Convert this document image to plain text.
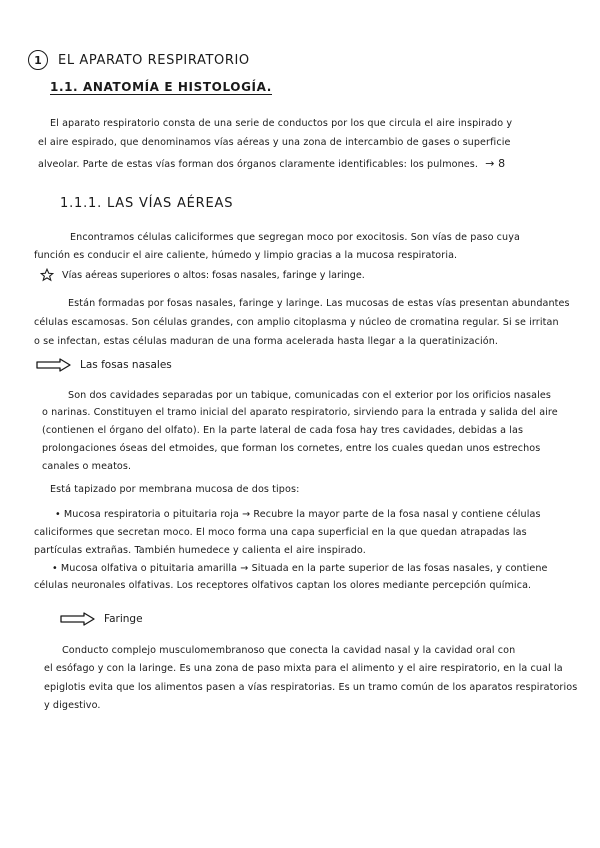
1	EL APARATO RESPIRATORIO
1.1. ANATOMÍA E HISTOLOGÍA.
El aparato respiratorio consta de una serie de conductos por los que circula el aire inspirado y
el aire espirado, que denominamos vías aéreas y una zona de intercambio de gases o superficie
alveolar. Parte de estas vías forman dos órganos claramente identificables: los pulmones. → 8
1.1.1. LAS VÍAS AÉREAS
Encontramos células caliciformes que segregan moco por exocitosis. Son vías de paso cuya
función es conducir el aire caliente, húmedo y limpio gracias a la mucosa respiratoria.
Vías aéreas superiores o altos: fosas nasales, faringe y laringe.
Están formadas por fosas nasales, faringe y laringe. Las mucosas de estas vías presentan abundantes
células escamosas. Son células grandes, con amplio citoplasma y núcleo de cromatina regular. Si se irritan
o se infectan, estas células maduran de una forma acelerada hasta llegar a la queratinización.
Las fosas nasales
Son dos cavidades separadas por un tabique, comunicadas con el exterior por los orificios nasales
o narinas. Constituyen el tramo inicial del aparato respiratorio, sirviendo para la entrada y salida del aire
(contienen el órgano del olfato). En la parte lateral de cada fosa hay tres cavidades, debidas a las
prolongaciones óseas del etmoides, que forman los cornetes, entre los cuales quedan unos estrechos
canales o meatos.
Está tapizado por membrana mucosa de dos tipos:
• Mucosa respiratoria o pituitaria roja → Recubre la mayor parte de la fosa nasal y contiene células
caliciformes que secretan moco. El moco forma una capa superficial en la que quedan atrapadas las
partículas extrañas. También humedece y calienta el aire inspirado.
• Mucosa olfativa o pituitaria amarilla → Situada en la parte superior de las fosas nasales, y contiene
células neuronales olfativas. Los receptores olfativos captan los olores mediante percepción química.
Faringe
Conducto complejo musculomembranoso que conecta la cavidad nasal y la cavidad oral con
el esófago y con la laringe. Es una zona de paso mixta para el alimento y el aire respiratorio, en la cual la
epiglotis evita que los alimentos pasen a vías respiratorias. Es un tramo común de los aparatos respiratorios
y digestivo.
